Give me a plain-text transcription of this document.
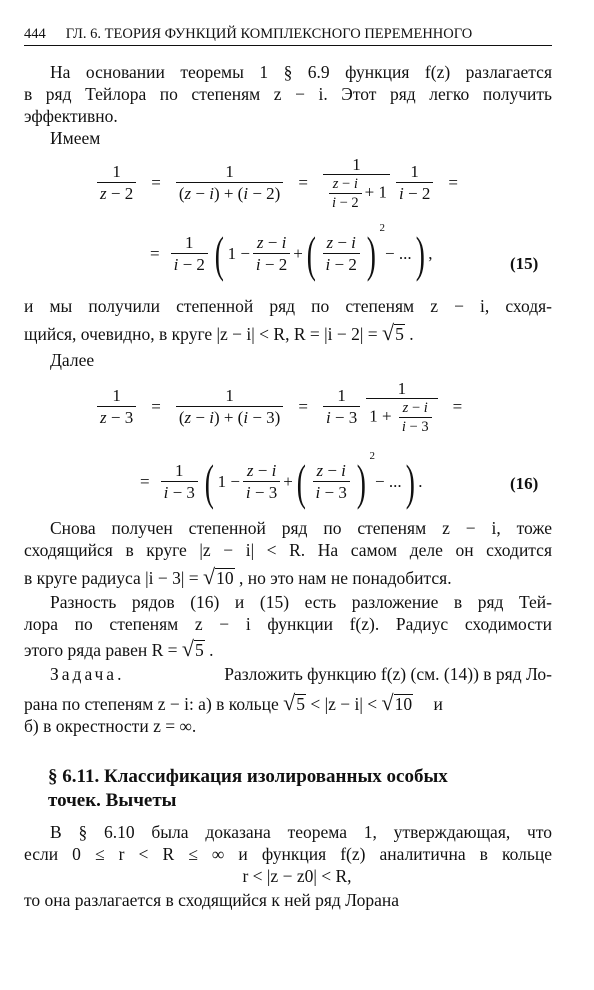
444 ГЛ. 6. ТЕОРИЯ ФУНКЦИЙ КОМПЛЕКСНОГО ПЕРЕМЕННОГО
На основании теоремы 1 § 6.9 функция f(z) разлагается
в ряд Тейлора по степеням z − i. Этот ряд легко получить
эффективно.
Имеем
$\frac{1}{z - 2} = \frac{1}{(z - i) + (i - 2)} = \frac{1}{\frac{z - i}{i - 2} + 1} \frac{1}{i - 2}$ =
= $\frac{1}{i - 2}$ ( $1 - \frac{z - i}{i - 2}$ + ( $\frac{z - i}{i - 2}$ ) $^2$
− ... ) ,
(15)
и мы получили степенной ряд по степеням z − i, сходя-
щийся, очевидно, в круге |z − i| < R, R = |i − 2| = √ 5 .
Далее
$\frac{1}{z - 3} = \frac{1}{(z - i) + (i - 3)} = \frac{1}{i - 3} \frac{1}{1 + \frac{z - i}{i - 3}}$ =
= $\frac{1}{i - 3}$ ( $1 - \frac{z - i}{i - 3}$ + ( $\frac{z - i}{i - 3}$ ) $^2$
− ... ) .	(16)
Снова получен степенной ряд по степеням z − i, тоже
сходящийся в круге |z − i| < R. На самом деле он сходится
в круге радиуса |i − 3| = √ 10 , но это нам не понадобится.
Разность рядов (16) и (15) есть разложение в ряд Тей-
лора по степеням z − i функции f(z). Радиус сходимости
этого ряда равен R = √ 5 .
Задача.	Разложить функцию f(z) (см. (14)) в ряд Ло-
рана по степеням z − i: а) в кольце √ 5 < |z − i| < √ 10 и
б) в окрестности z = ∞.
§ 6.11. Классификация изолированных особых
точек. Вычеты
В § 6.10 была доказана теорема 1, утверждающая, что
если 0 ≤ r < R ≤ ∞ и функция f(z) аналитична в кольце
r < |z − z0| < R,
то она разлагается в сходящийся к ней ряд Лорана
